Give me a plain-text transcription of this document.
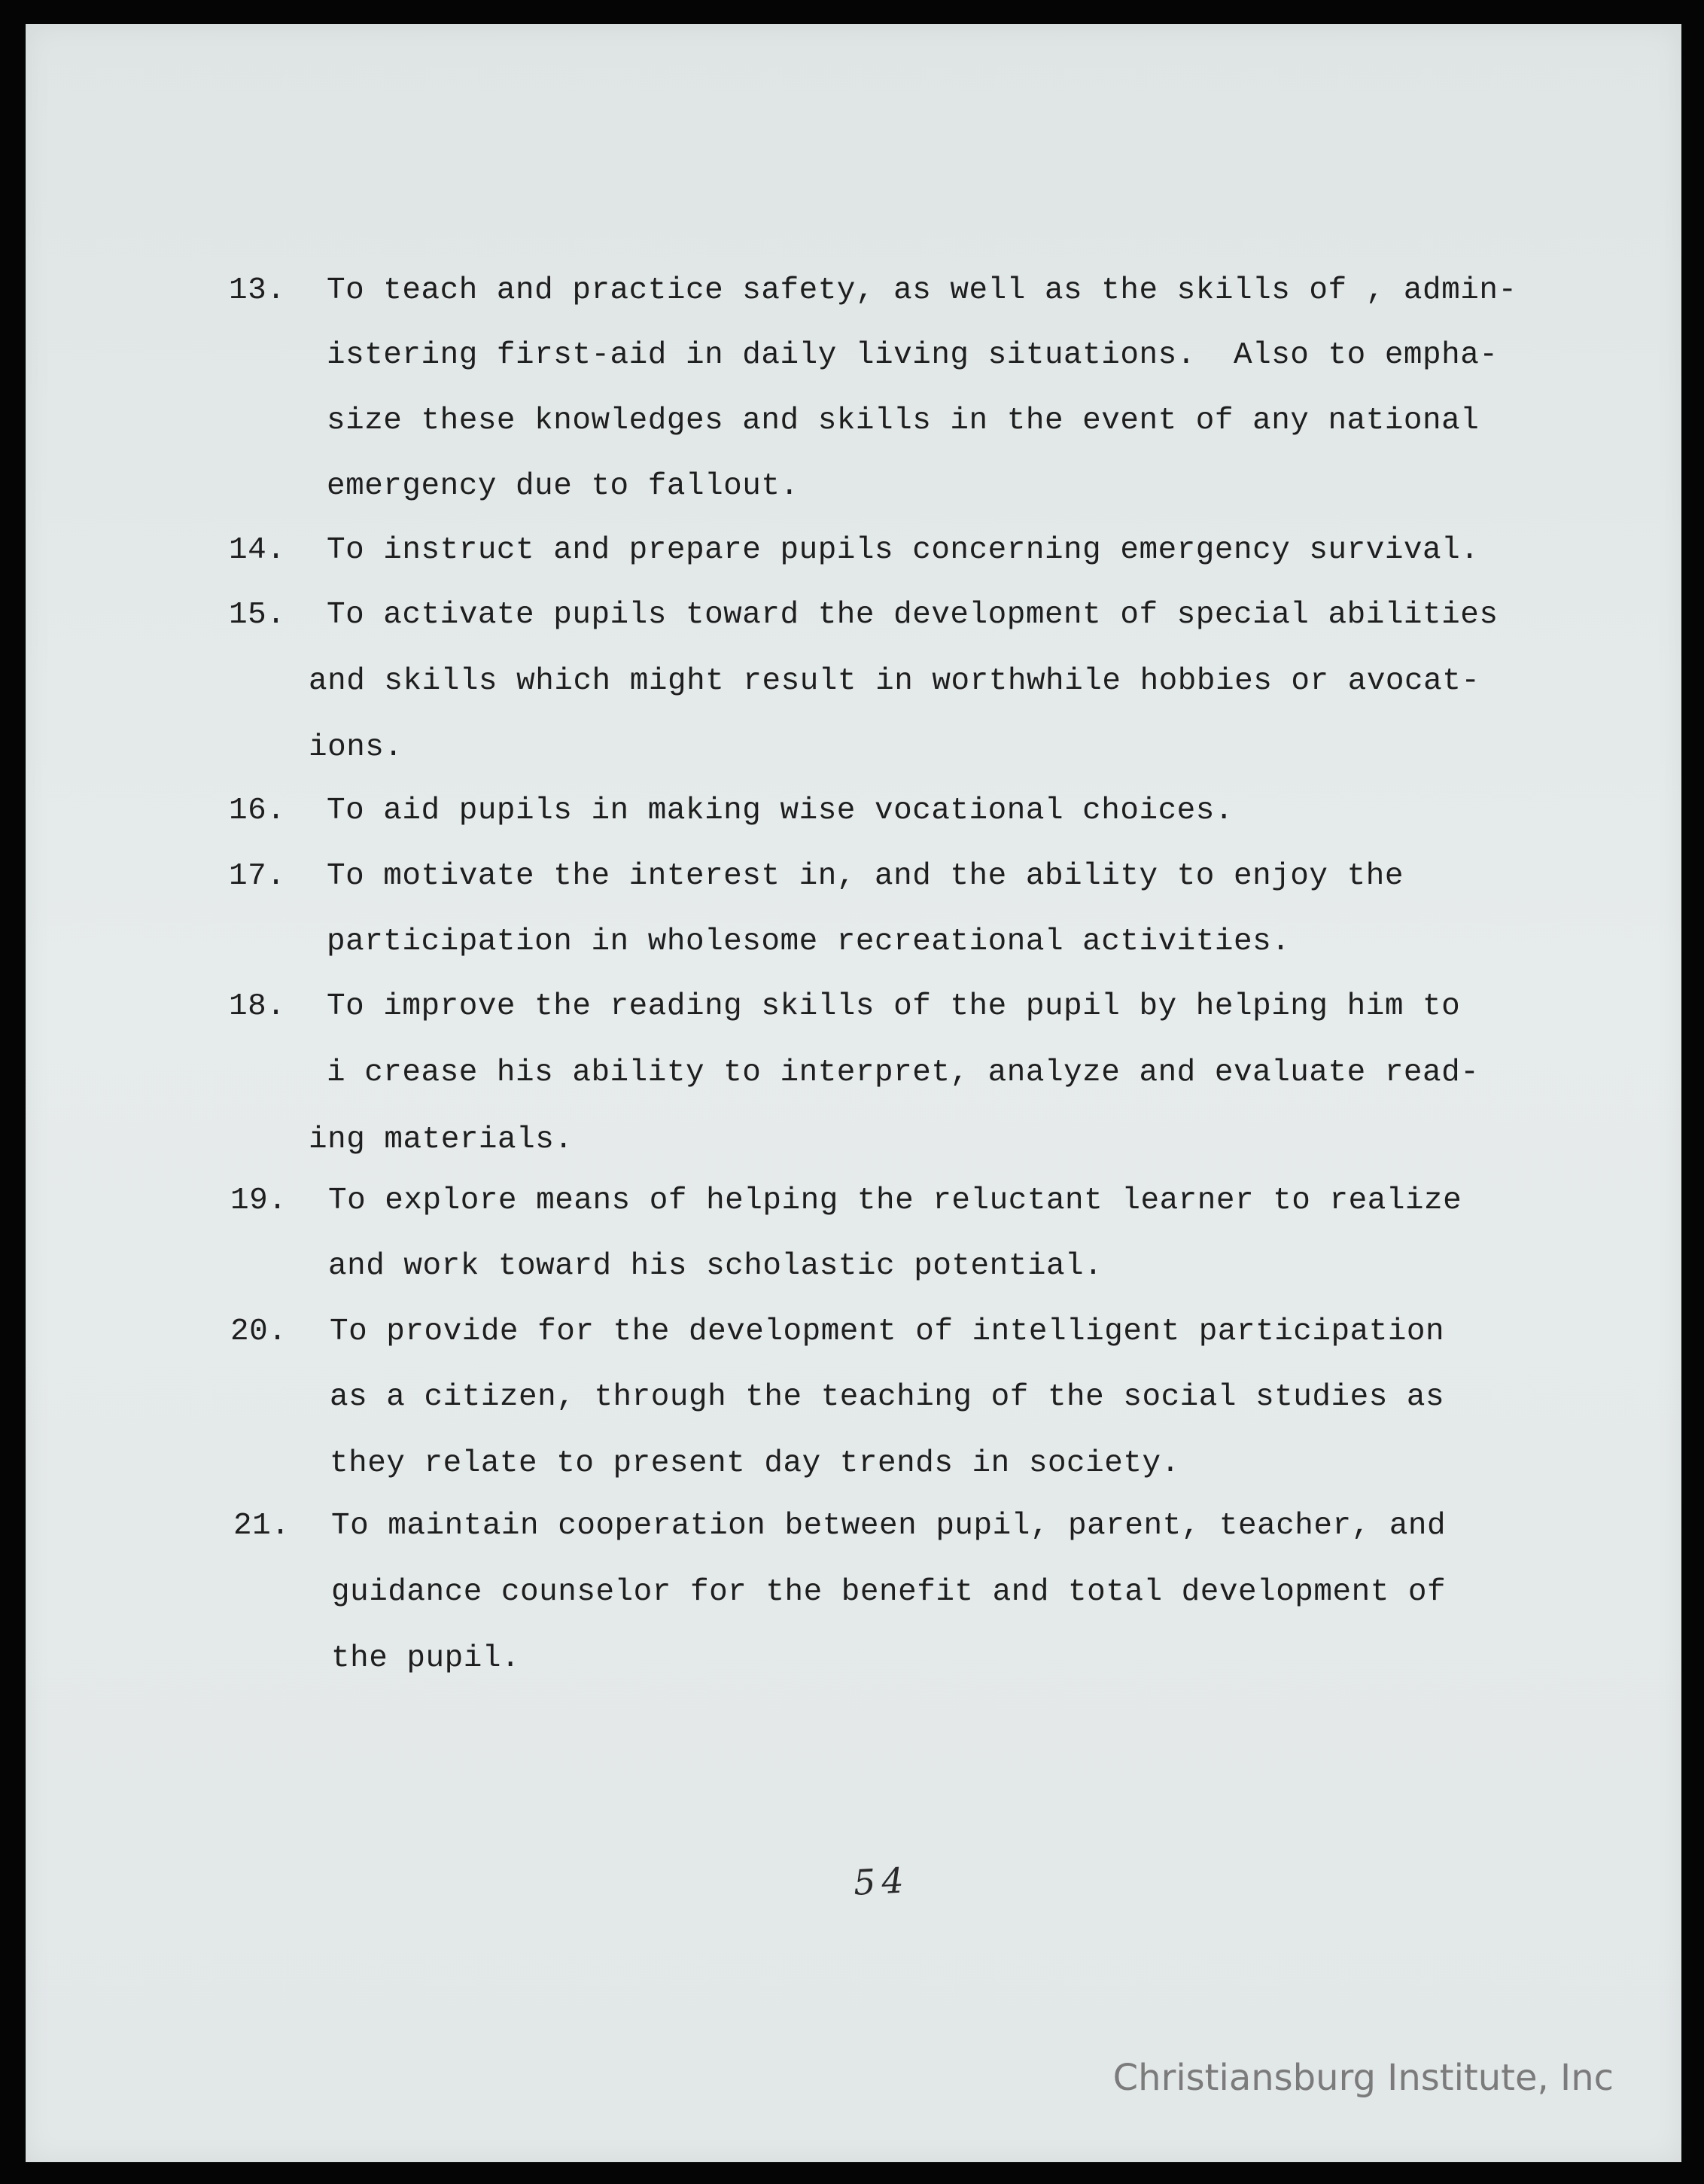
13.

To teach and practice safety, as well as the skills of , admin-

istering first-aid in daily living situations.  Also to empha-

size these knowledges and skills in the event of any national

emergency due to fallout.

14.

To instruct and prepare pupils concerning emergency survival.

15.

To activate pupils toward the development of special abilities

and skills which might result in worthwhile hobbies or avocat-

ions.

16.

To aid pupils in making wise vocational choices.

17.

To motivate the interest in, and the ability to enjoy the

participation in wholesome recreational activities.

18.

To improve the reading skills of the pupil by helping him to

i crease his ability to interpret, analyze and evaluate read-

ing materials.

19.

To explore means of helping the reluctant learner to realize

and work toward his scholastic potential.

20.

To provide for the development of intelligent participation

as a citizen, through the teaching of the social studies as

they relate to present day trends in society.

21.

To maintain cooperation between pupil, parent, teacher, and

guidance counselor for the benefit and total development of

the pupil.

54
Christiansburg Institute, Inc
